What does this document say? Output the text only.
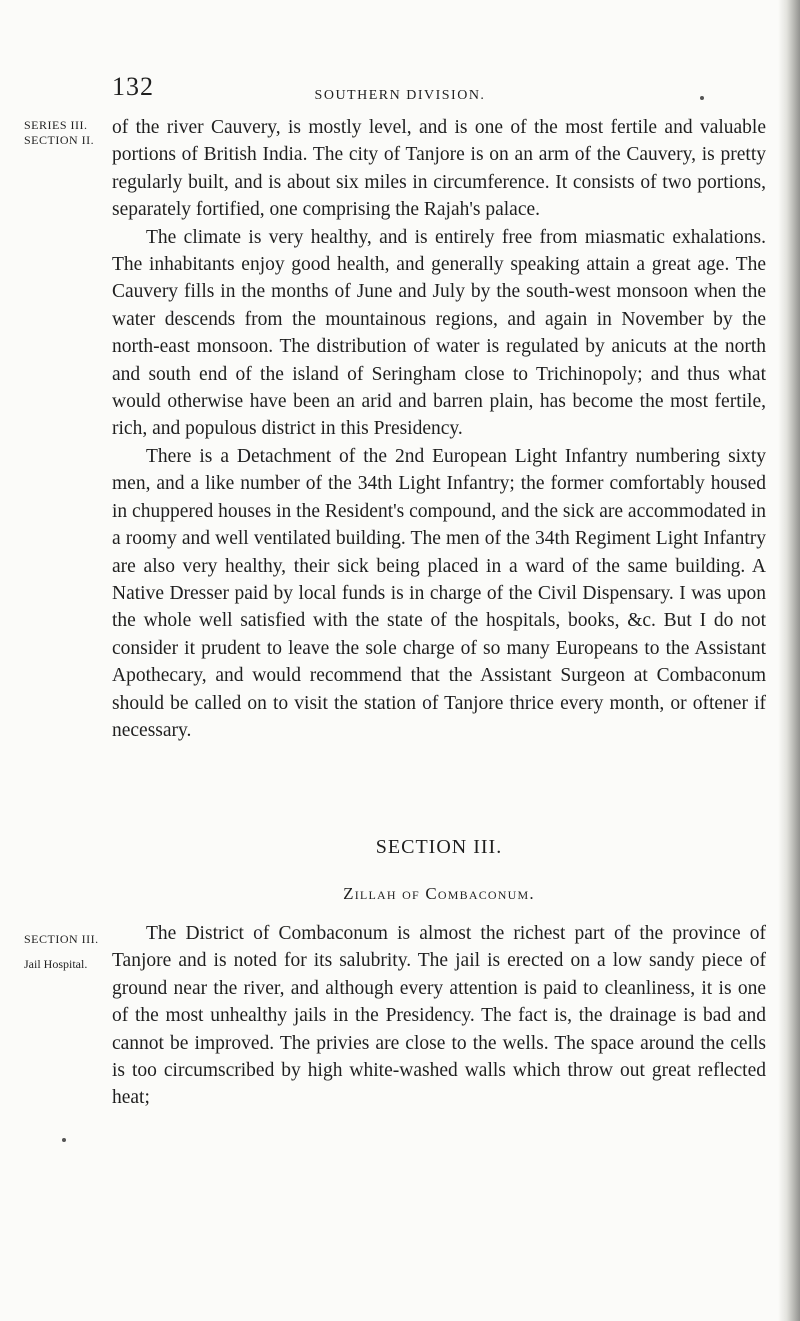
132	SOUTHERN DIVISION.
SERIES III.
SECTION II.

of the river Cauvery, is mostly level, and is one of the most fertile and valuable portions of British India. The city of Tanjore is on an arm of the Cauvery, is pretty regularly built, and is about six miles in circumference. It consists of two portions, separately fortified, one comprising the Rajah's palace.

The climate is very healthy, and is entirely free from miasmatic exhalations. The inhabitants enjoy good health, and generally speaking attain a great age. The Cauvery fills in the months of June and July by the south-west monsoon when the water descends from the mountainous regions, and again in November by the north-east monsoon. The distribution of water is regulated by anicuts at the north and south end of the island of Seringham close to Trichinopoly; and thus what would otherwise have been an arid and barren plain, has become the most fertile, rich, and populous district in this Presidency.

There is a Detachment of the 2nd European Light Infantry numbering sixty men, and a like number of the 34th Light Infantry; the former comfortably housed in chuppered houses in the Resident's compound, and the sick are accommodated in a roomy and well ventilated building. The men of the 34th Regiment Light Infantry are also very healthy, their sick being placed in a ward of the same building. A Native Dresser paid by local funds is in charge of the Civil Dispensary. I was upon the whole well satisfied with the state of the hospitals, books, &c. But I do not consider it prudent to leave the sole charge of so many Europeans to the Assistant Apothecary, and would recommend that the Assistant Surgeon at Combaconum should be called on to visit the station of Tanjore thrice every month, or oftener if necessary.

SECTION III.
Zillah of Combaconum.
SECTION III.
Jail Hospital.

The District of Combaconum is almost the richest part of the province of Tanjore and is noted for its salubrity. The jail is erected on a low sandy piece of ground near the river, and although every attention is paid to cleanliness, it is one of the most unhealthy jails in the Presidency. The fact is, the drainage is bad and cannot be improved. The privies are close to the wells. The space around the cells is too circumscribed by high white-washed walls which throw out great reflected heat;
